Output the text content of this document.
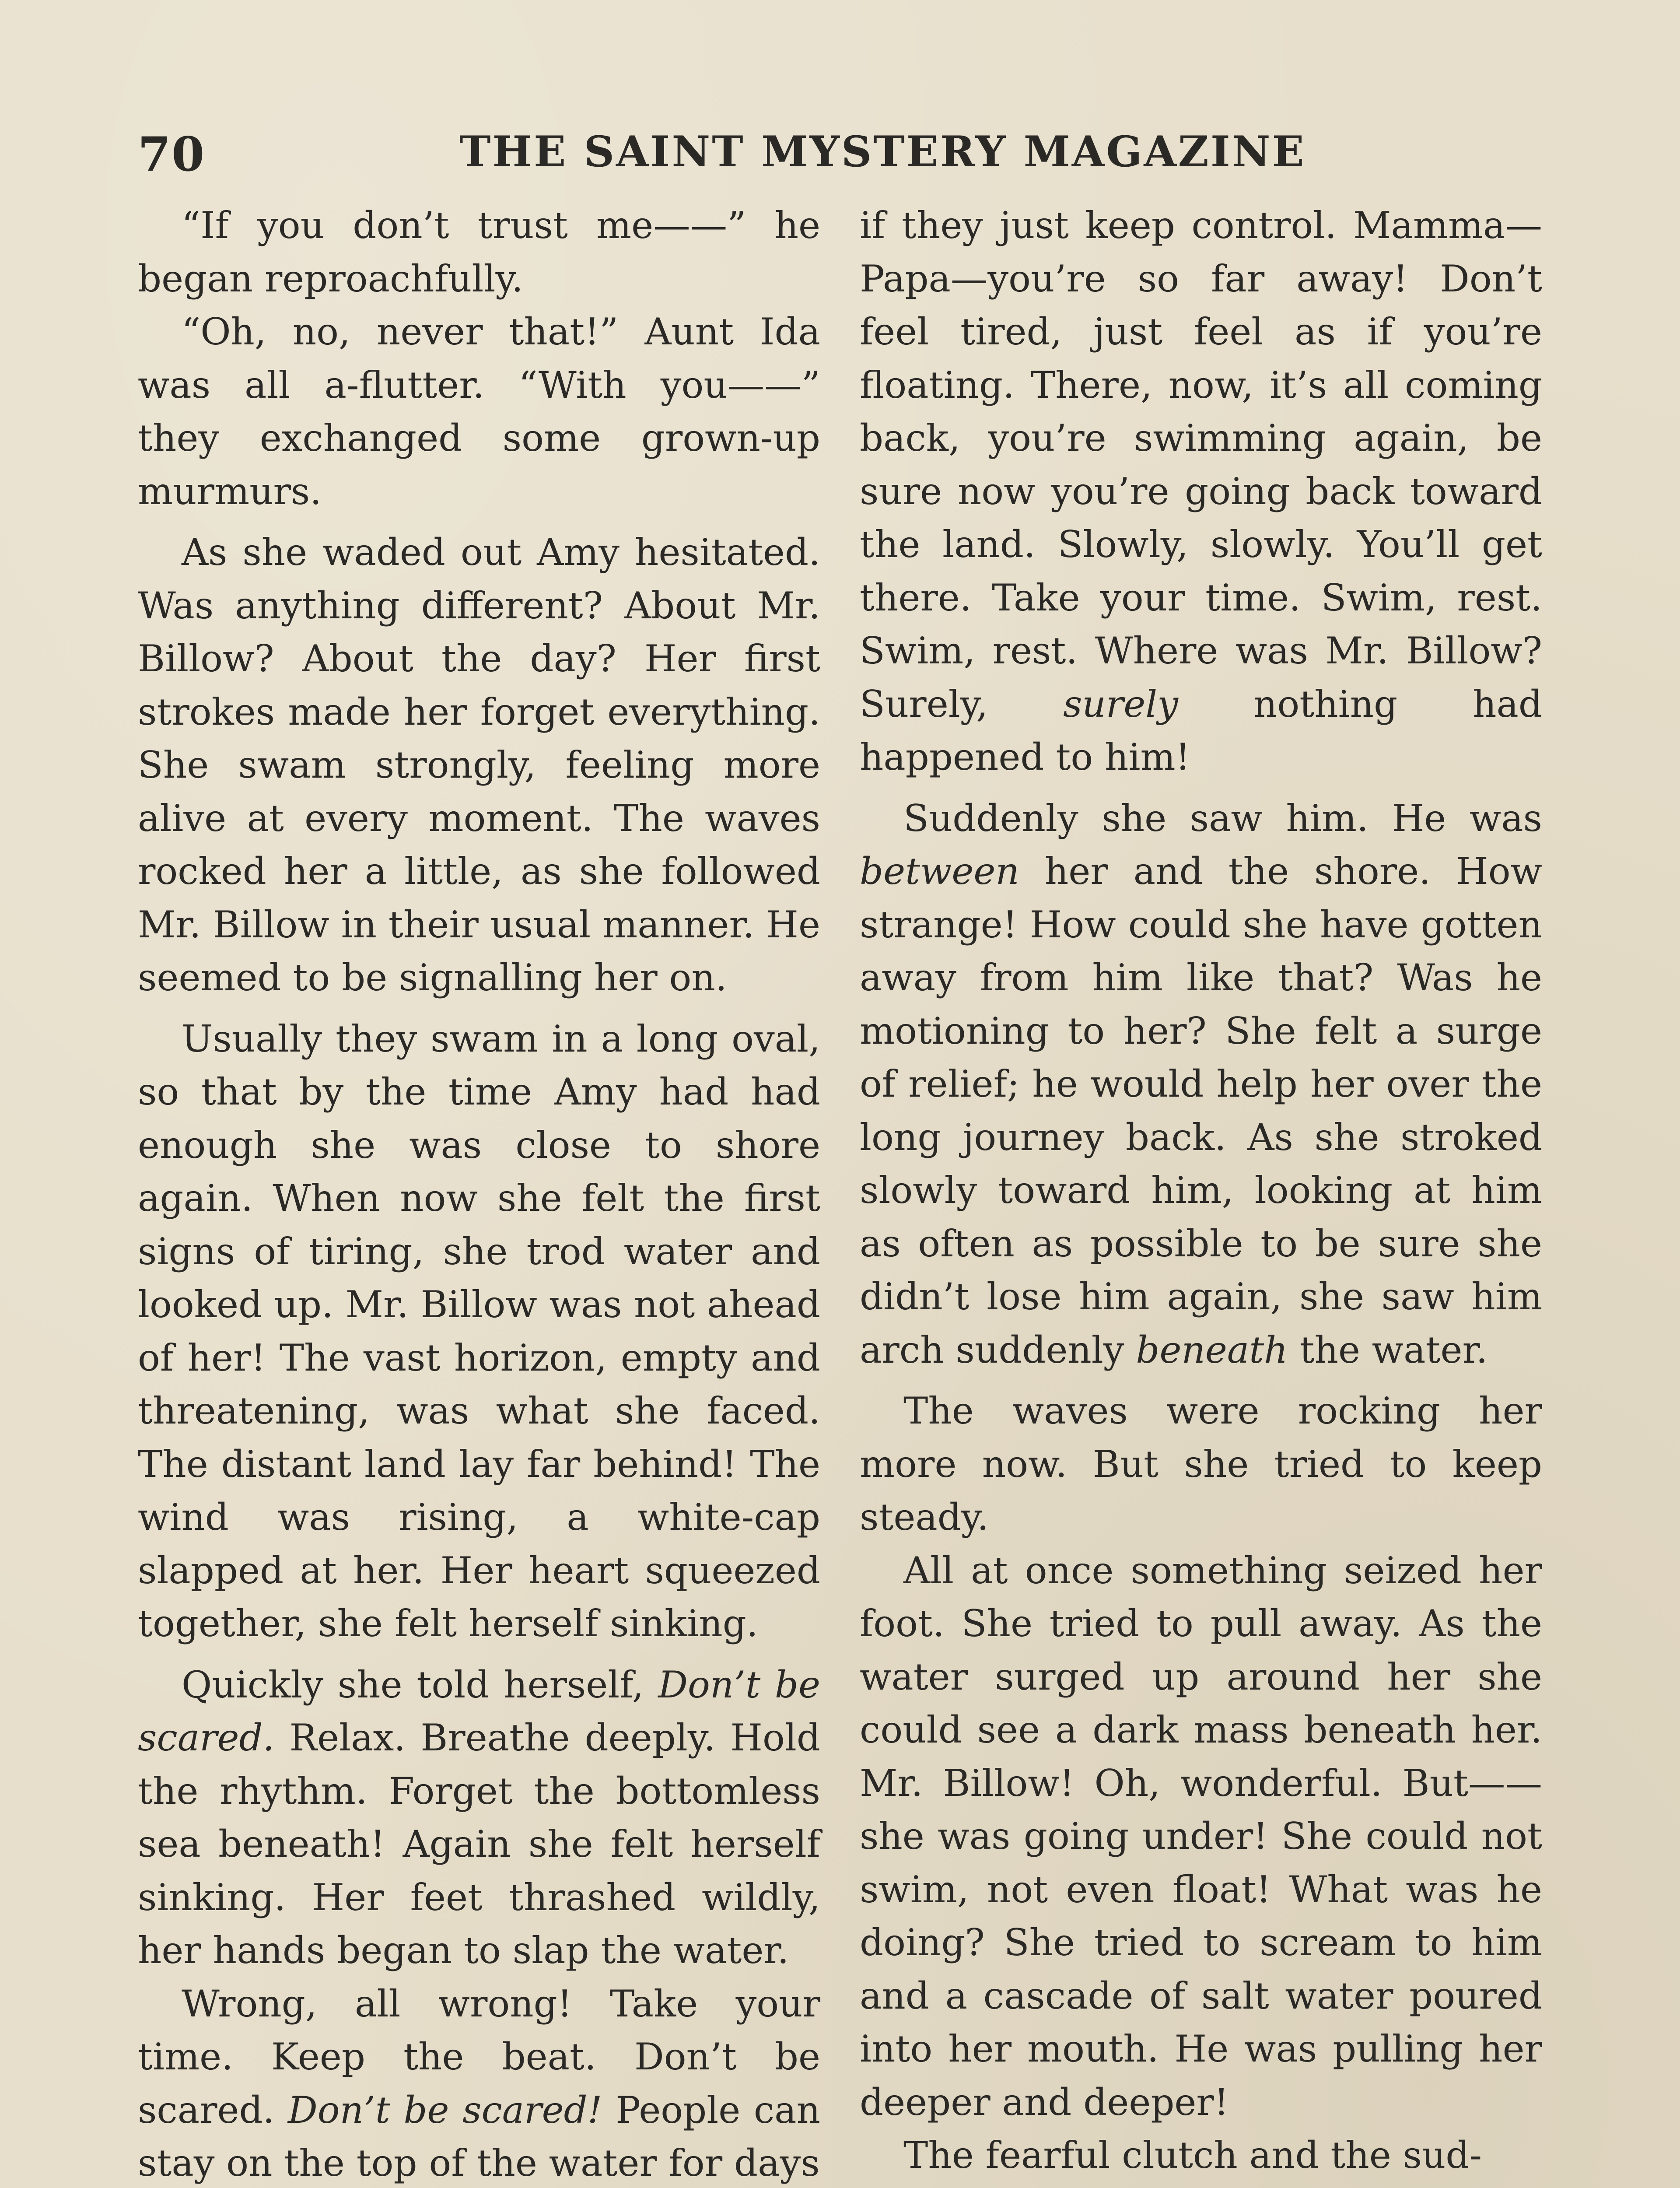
70	THE SAINT MYSTERY MAGAZINE

“If you don’t trust me——” he began reproachfully.

“Oh, no, never that!” Aunt Ida was all a-flutter. “With you——” they exchanged some grown-up murmurs.

As she waded out Amy hesitated. Was anything different? About Mr. Billow? About the day? Her first strokes made her forget everything. She swam strongly, feeling more alive at every moment. The waves rocked her a little, as she followed Mr. Billow in their usual manner. He seemed to be signalling her on.

Usually they swam in a long oval, so that by the time Amy had had enough she was close to shore again. When now she felt the first signs of tiring, she trod water and looked up. Mr. Billow was not ahead of her! The vast horizon, empty and threatening, was what she faced. The distant land lay far behind! The wind was rising, a white-cap slapped at her. Her heart squeezed together, she felt herself sinking.

Quickly she told herself, Don’t be scared. Relax. Breathe deeply. Hold the rhythm. Forget the bottomless sea beneath! Again she felt herself sinking. Her feet thrashed wildly, her hands began to slap the water.

Wrong, all wrong! Take your time. Keep the beat. Don’t be scared. Don’t be scared! People can stay on the top of the water for days

if they just keep control. Mamma—Papa—you’re so far away! Don’t feel tired, just feel as if you’re floating. There, now, it’s all coming back, you’re swimming again, be sure now you’re going back toward the land. Slowly, slowly. You’ll get there. Take your time. Swim, rest. Swim, rest. Where was Mr. Billow? Surely, surely nothing had happened to him!

Suddenly she saw him. He was between her and the shore. How strange! How could she have gotten away from him like that? Was he motioning to her? She felt a surge of relief; he would help her over the long journey back. As she stroked slowly toward him, looking at him as often as possible to be sure she didn’t lose him again, she saw him arch suddenly beneath the water.

The waves were rocking her more now. But she tried to keep steady.

All at once something seized her foot. She tried to pull away. As the water surged up around her she could see a dark mass beneath her. Mr. Billow! Oh, wonderful. But—— she was going under! She could not swim, not even float! What was he doing? She tried to scream to him and a cascade of salt water poured into her mouth. He was pulling her deeper and deeper!

The fearful clutch and the sud-
